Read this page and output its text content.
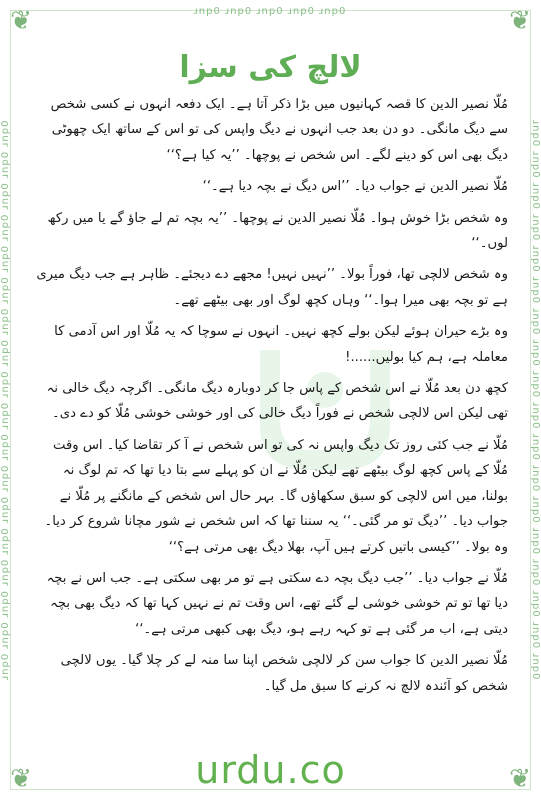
❦	❦
❦	❦
ɹnp0 ɹnp0 ɹnp0 ɹnp0 ɹnp0
ɹnp0 ɹnp0 ɹnp0 ɹnp0 ɹnp0 ɹnp0 ɹnp0 ɹnp0 ɹnp0 ɹnp0 ɹnp0 ɹnp0 ɹnp0 ɹnp0 ɹnp0 ɹnp0 ɹnp0 ɹnp0	ɹnp0 ɹnp0 ɹnp0 ɹnp0 ɹnp0 ɹnp0 ɹnp0 ɹnp0 ɹnp0 ɹnp0 ɹnp0 ɹnp0 ɹnp0 ɹnp0 ɹnp0 ɹnp0 ɹnp0 ɹnp0
لالچ کی سزا

مُلّا نصیر الدین کا قصہ کہانیوں میں بڑا ذکر آتا ہے۔ ایک دفعہ انہوں نے کسی شخص سے دیگ مانگی۔ دو دن بعد جب انہوں نے دیگ واپس کی تو اس کے ساتھ ایک چھوٹی دیگ بھی اس کو دینے لگے۔ اس شخص نے پوچھا۔ ’’یہ کیا ہے؟‘‘

مُلّا نصیر الدین نے جواب دیا۔ ’’اس دیگ نے بچہ دیا ہے۔‘‘

وہ شخص بڑا خوش ہوا۔ مُلّا نصیر الدین نے پوچھا۔ ’’یہ بچہ تم لے جاؤ گے یا میں رکھ لوں۔‘‘

وہ شخص لالچی تھا، فوراً بولا۔ ’’نہیں نہیں! مجھے دے دیجئے۔ ظاہر ہے جب دیگ میری ہے تو بچہ بھی میرا ہوا۔‘‘ وہاں کچھ لوگ اور بھی بیٹھے تھے۔

وہ بڑے حیران ہوئے لیکن بولے کچھ نہیں۔ انہوں نے سوچا کہ یہ مُلّا اور اس آدمی کا معاملہ ہے، ہم کیا بولیں......!

کچھ دن بعد مُلّا نے اس شخص کے پاس جا کر دوبارہ دیگ مانگی۔ اگرچہ دیگ خالی نہ تھی لیکن اس لالچی شخص نے فوراً دیگ خالی کی اور خوشی خوشی مُلّا کو دے دی۔

مُلّا نے جب کئی روز تک دیگ واپس نہ کی تو اس شخص نے آ کر تقاضا کیا۔ اس وقت مُلّا کے پاس کچھ لوگ بیٹھے تھے لیکن مُلّا نے ان کو پہلے سے بتا دیا تھا کہ تم لوگ نہ بولنا، میں اس لالچی کو سبق سکھاؤں گا۔ بہر حال اس شخص کے مانگنے پر مُلّا نے جواب دیا۔ ’’دیگ تو مر گئی۔‘‘ یہ سننا تھا کہ اس شخص نے شور مچانا شروع کر دیا۔ وہ بولا۔ ’’کیسی باتیں کرتے ہیں آپ، بھلا دیگ بھی مرتی ہے؟‘‘

مُلّا نے جواب دیا۔ ’’جب دیگ بچہ دے سکتی ہے تو مر بھی سکتی ہے۔ جب اس نے بچہ دیا تھا تو تم خوشی خوشی لے گئے تھے، اس وقت تم نے نہیں کہا تھا کہ دیگ بھی بچہ دیتی ہے، اب مر گئی ہے تو کہہ رہے ہو، دیگ بھی کبھی مرتی ہے۔‘‘

مُلّا نصیر الدین کا جواب سن کر لالچی شخص اپنا سا منہ لے کر چلا گیا۔ یوں لالچی شخص کو آئندہ لالچ نہ کرنے کا سبق مل گیا۔

urdu.co
